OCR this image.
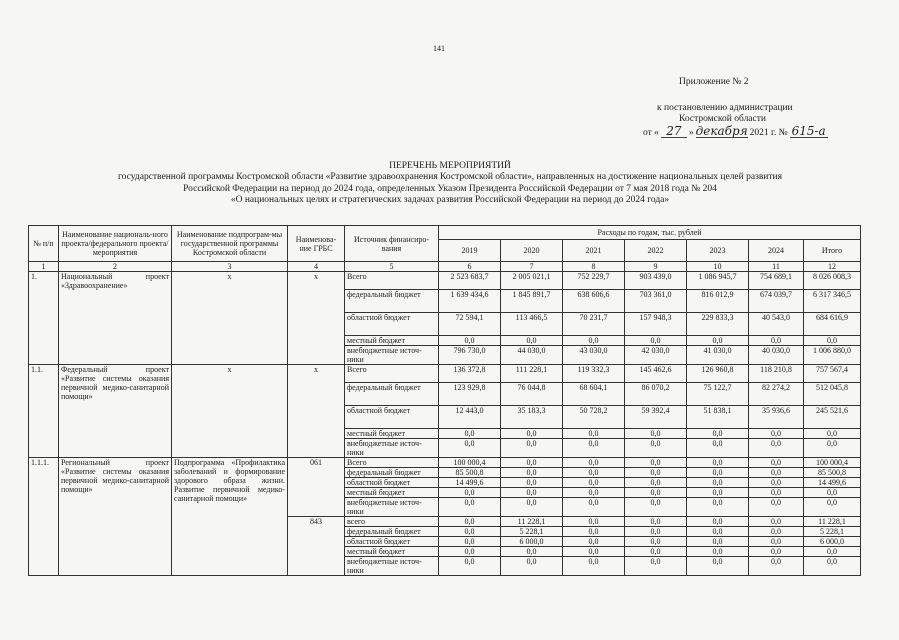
141
Приложение № 2
к постановлению администрации
Костромской области
от « 27 » декабря 2021 г. № 615-а
ПЕРЕЧЕНЬ МЕРОПРИЯТИЙ
государственной программы Костромской области «Развитие здравоохранения Костромской области», направленных на достижение национальных целей развития
Российской Федерации на период до 2024 года, определенных Указом Президента Российской Федерации от 7 мая 2018 года № 204
«О национальных целях и стратегических задачах развития Российской Федерации на период до 2024 года»
№ п/п	Наименование националь-ного проекта/федерального проекта/мероприятия	Наименование подпрограм-мы государственной программы Костромской области	Наименова-ние ГРБС	Источник финансиро-вания	Расходы по годам, тыс. рублей						
					2019	2020	2021	2022	2023	2024	Итого
1	2	3	4	5	6	7	8	9	10	11	12
1.	Национальный проект «Здравоохранение»	х	х	Всего	2 523 683,7	2 005 021,1	752 229,7	903 439,0	1 086 945,7	754 689,1	8 026 008,3
				федеральный бюджет	1 639 434,6	1 845 891,7	638 606,6	703 361,0	816 012,9	674 039,7	6 317 346,5
				областной бюджет	72 594,1	113 466,5	70 231,7	157 948,3	229 833,3	40 543,0	684 616,9
				местный бюджет	0,0	0,0	0,0	0,0	0,0	0,0	0,0
				внебюджетные источ-ники	796 730,0	44 030,0	43 030,0	42 030,0	41 030,0	40 030,0	1 006 880,0
1.1.	Федеральный проект «Развитие системы оказания первичной медико-санитарной помощи»	х	х	Всего	136 372,8	111 228,1	119 332,3	145 462,6	126 960,8	118 210,8	757 567,4
				федеральный бюджет	123 929,8	76 044,8	68 604,1	86 070,2	75 122,7	82 274,2	512 045,8
				областной бюджет	12 443,0	35 183,3	50 728,2	59 392,4	51 838,1	35 936,6	245 521,6
				местный бюджет	0,0	0,0	0,0	0,0	0,0	0,0	0,0
				внебюджетные источ-ники	0,0	0,0	0,0	0,0	0,0	0,0	0,0
1.1.1.	Региональный проект «Развитие системы оказания первичной медико-санитарной помощи»	Подпрограмма «Профилактика заболеваний и формирование здорового образа жизни. Развитие первичной медико-санитарной помощи»	061	Всего	100 000,4	0,0	0,0	0,0	0,0	0,0	100 000,4
				федеральный бюджет	85 500,8	0,0	0,0	0,0	0,0	0,0	85 500,8
				областной бюджет	14 499,6	0,0	0,0	0,0	0,0	0,0	14 499,6
				местный бюджет	0,0	0,0	0,0	0,0	0,0	0,0	0,0
				внебюджетные источ-ники	0,0	0,0	0,0	0,0	0,0	0,0	0,0
			843	всего	0,0	11 228,1	0,0	0,0	0,0	0,0	11 228,1
				федеральный бюджет	0,0	5 228,1	0,0	0,0	0,0	0,0	5 228,1
				областной бюджет	0,0	6 000,0	0,0	0,0	0,0	0,0	6 000,0
				местный бюджет	0,0	0,0	0,0	0,0	0,0	0,0	0,0
				внебюджетные источ-ники	0,0	0,0	0,0	0,0	0,0	0,0	0,0
